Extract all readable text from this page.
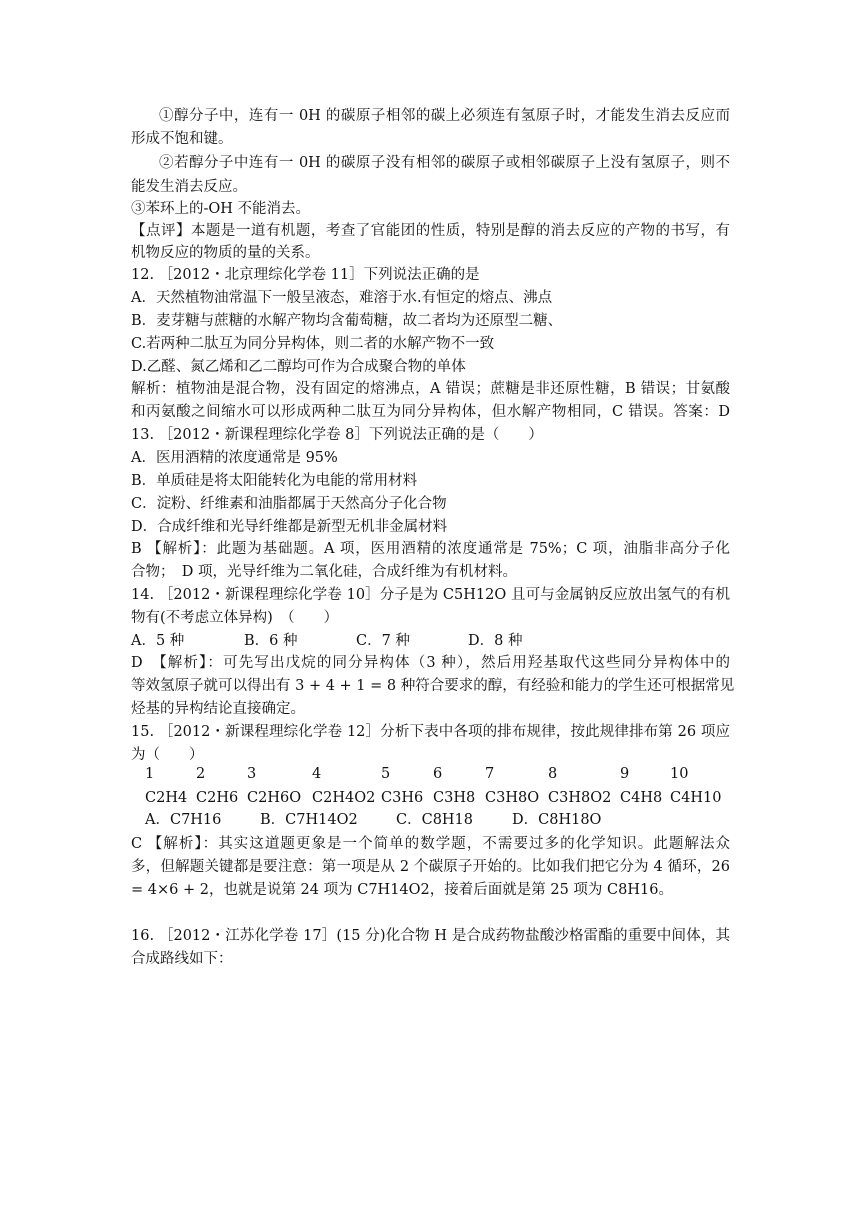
①醇分子中，连有一 0H 的碳原子相邻的碳上必须连有氢原子时，才能发生消去反应而
形成不饱和键。
②若醇分子中连有一 0H 的碳原子没有相邻的碳原子或相邻碳原子上没有氢原子，则不
能发生消去反应。
③苯环上的-OH 不能消去。
【点评】本题是一道有机题，考查了官能团的性质，特别是醇的消去反应的产物的书写，有
机物反应的物质的量的关系。
12. ［2012・北京理综化学卷 11］下列说法正确的是
A．天然植物油常温下一般呈液态，难溶于水.有恒定的熔点、沸点
B．麦芽糖与蔗糖的水解产物均含葡萄糖，故二者均为还原型二糖、
C.若两种二肽互为同分异构体，则二者的水解产物不一致
D.乙醛、氮乙烯和乙二醇均可作为合成聚合物的单体
解析：植物油是混合物，没有固定的熔沸点，A 错误；蔗糖是非还原性糖，B 错误；甘氨酸
和丙氨酸之间缩水可以形成两种二肽互为同分异构体，但水解产物相同，C 错误。答案：D
13. ［2012・新课程理综化学卷 8］下列说法正确的是（　　）
A．医用酒精的浓度通常是 95%
B．单质硅是将太阳能转化为电能的常用材料
C．淀粉、纤维素和油脂都属于天然高分子化合物
D．合成纤维和光导纤维都是新型无机非金属材料
B 【解析】：此题为基础题。A 项，医用酒精的浓度通常是 75%；C 项，油脂非高分子化
合物；　D 项，光导纤维为二氧化硅，合成纤维为有机材料。
14. ［2012・新课程理综化学卷 10］分子是为 C5H12O 且可与金属钠反应放出氢气的有机
物有(不考虑立体异构)　（　　）
A．5 种	B．6 种	C．7 种	D．8 种
D　【解析】：可先写出戊烷的同分异构体（3 种），然后用羟基取代这些同分异构体中的
等效氢原子就可以得出有 3 + 4 + 1 = 8 种符合要求的醇，有经验和能力的学生还可根据常见
烃基的异构结论直接确定。
15. ［2012・新课程理综化学卷 12］分析下表中各项的排布规律，按此规律排布第 26 项应
为（　　）
1	2	3	4	5	6	7	8	9	10
C2H4 C2H6 C2H6O C2H4O2 C3H6 C3H8 C3H8O C3H8O2 C4H8 C4H10
A．C7H16	B．C7H14O2	C．C8H18	D．C8H18O
C 【解析】：其实这道题更象是一个简单的数学题，不需要过多的化学知识。此题解法众
多，但解题关键都是要注意：第一项是从 2 个碳原子开始的。比如我们把它分为 4 循环，26
= 4×6 + 2，也就是说第 24 项为 C7H14O2，接着后面就是第 25 项为 C8H16。
16. ［2012・江苏化学卷 17］(15 分)化合物 H 是合成药物盐酸沙格雷酯的重要中间体，其
合成路线如下：
